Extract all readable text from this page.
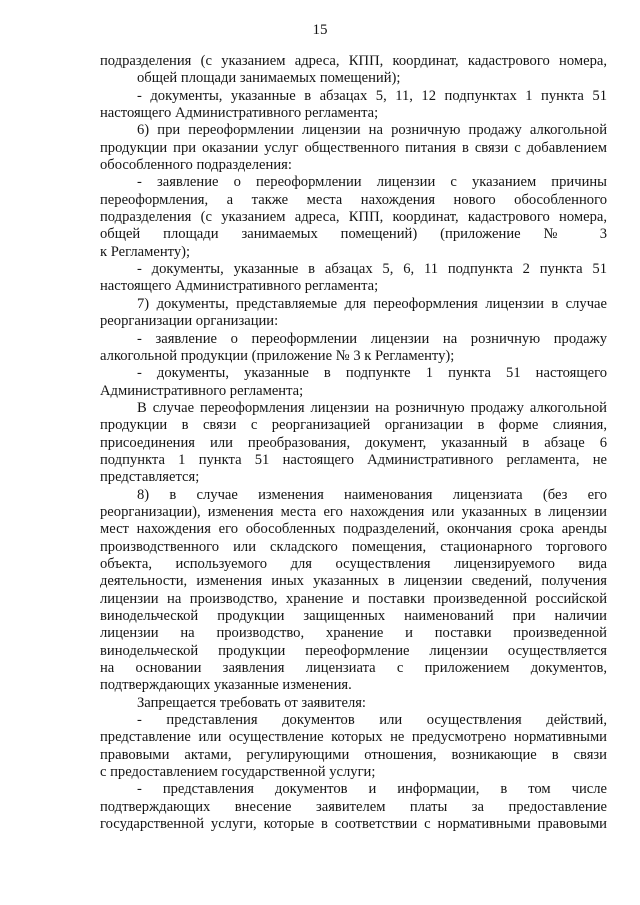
15
подразделения (с указанием адреса, КПП, координат, кадастрового номера,
общей площади занимаемых помещений);
- документы, указанные в абзацах 5, 11, 12 подпунктах 1 пункта 51
настоящего Административного регламента;
6) при переоформлении лицензии на розничную продажу алкогольной
продукции при оказании услуг общественного питания в связи с добавлением
обособленного подразделения:
- заявление о переоформлении лицензии с указанием причины
переоформления, а также места нахождения нового обособленного
подразделения (с указанием адреса, КПП, координат, кадастрового номера,
общей площади занимаемых помещений) (приложение № 3
к Регламенту);
- документы, указанные в абзацах 5, 6, 11 подпункта 2 пункта 51
настоящего Административного регламента;
7) документы, представляемые для переоформления лицензии в случае
реорганизации организации:
- заявление о переоформлении лицензии на розничную продажу
алкогольной продукции (приложение № 3 к Регламенту);
- документы, указанные в подпункте 1 пункта 51 настоящего
Административного регламента;
В случае переоформления лицензии на розничную продажу алкогольной
продукции в связи с реорганизацией организации в форме слияния,
присоединения или преобразования, документ, указанный в абзаце 6
подпункта 1 пункта 51 настоящего Административного регламента, не
представляется;
8) в случае изменения наименования лицензиата (без его
реорганизации), изменения места его нахождения или указанных в лицензии
мест нахождения его обособленных подразделений, окончания срока аренды
производственного или складского помещения, стационарного торгового
объекта, используемого для осуществления лицензируемого вида
деятельности, изменения иных указанных в лицензии сведений, получения
лицензии на производство, хранение и поставки произведенной российской
винодельческой продукции защищенных наименований при наличии
лицензии на производство, хранение и поставки произведенной
винодельческой продукции переоформление лицензии осуществляется
на основании заявления лицензиата с приложением документов,
подтверждающих указанные изменения.
Запрещается требовать от заявителя:
- представления документов или осуществления действий,
представление или осуществление которых не предусмотрено нормативными
правовыми актами, регулирующими отношения, возникающие в связи
с предоставлением государственной услуги;
- представления документов и информации, в том числе
подтверждающих внесение заявителем платы за предоставление
государственной услуги, которые в соответствии с нормативными правовыми
